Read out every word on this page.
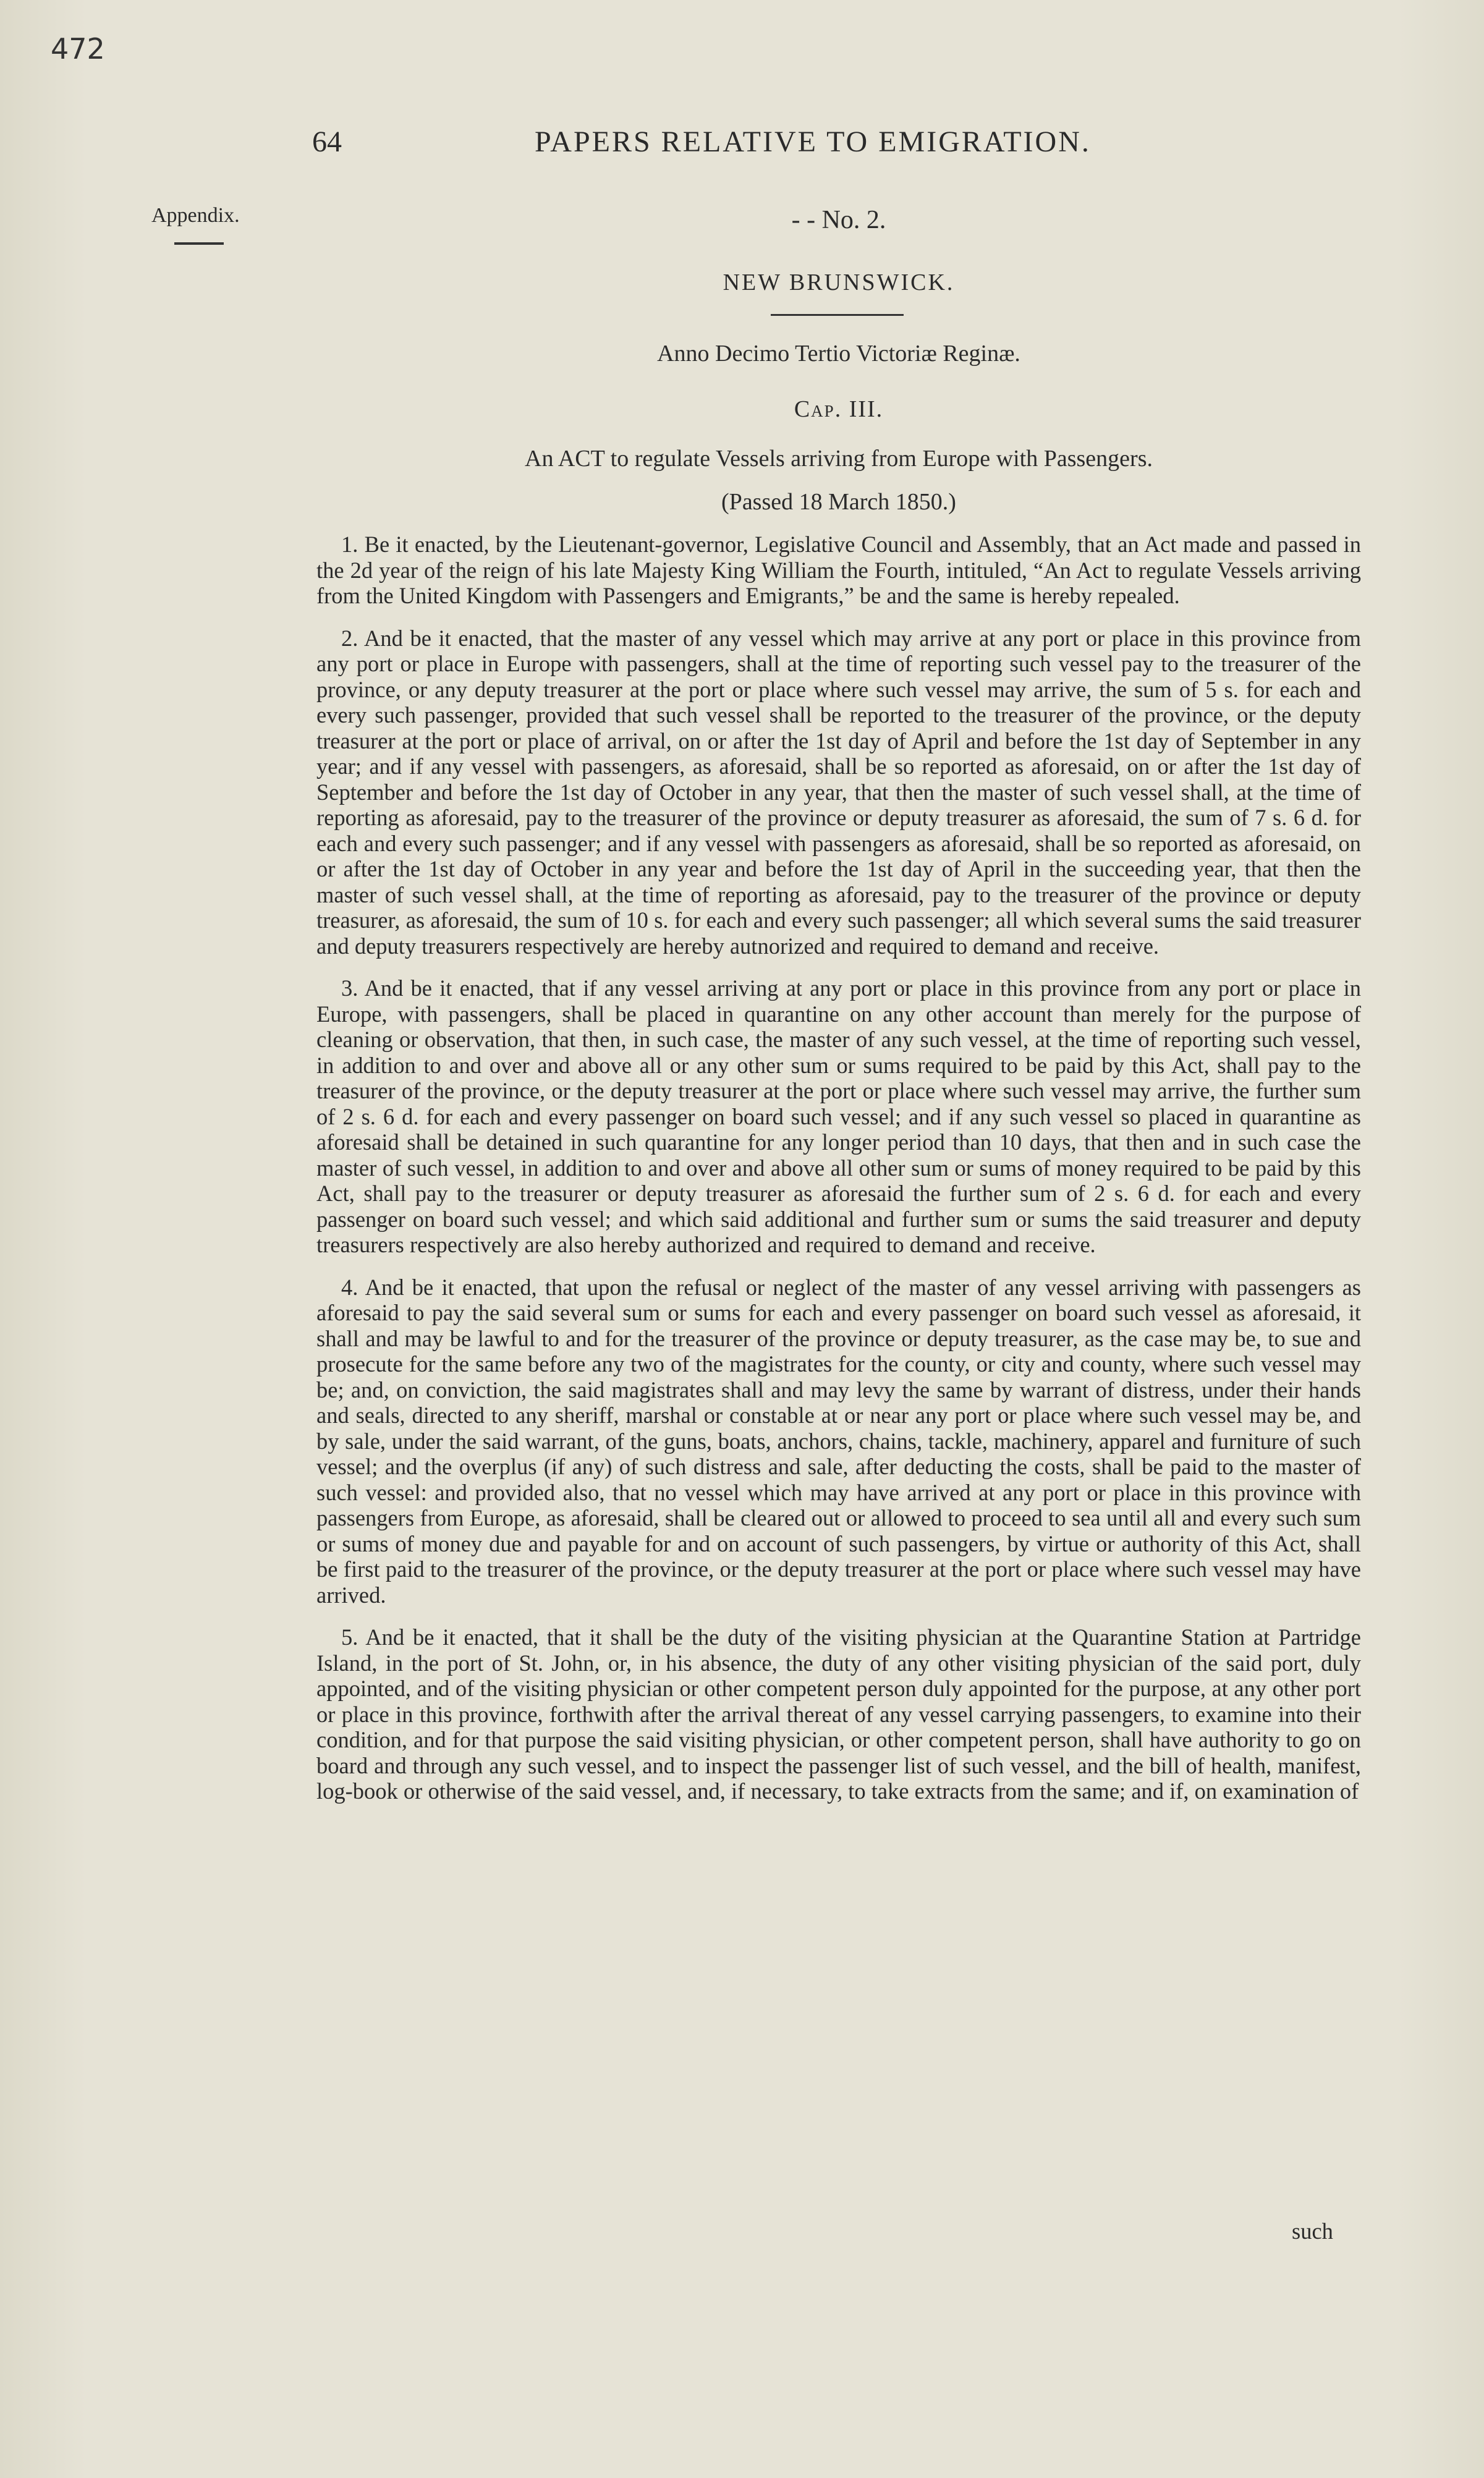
472
64	PAPERS RELATIVE TO EMIGRATION.
Appendix.	- - No. 2.
NEW BRUNSWICK.
Anno Decimo Tertio Victoriæ Reginæ.
Cap. III.
An ACT to regulate Vessels arriving from Europe with Passengers.
(Passed 18 March 1850.)

1. Be it enacted, by the Lieutenant-governor, Legislative Council and Assembly, that an Act made and passed in the 2d year of the reign of his late Majesty King William the Fourth, intituled, “An Act to regulate Vessels arriving from the United Kingdom with Passengers and Emigrants,” be and the same is hereby repealed.

2. And be it enacted, that the master of any vessel which may arrive at any port or place in this province from any port or place in Europe with passengers, shall at the time of reporting such vessel pay to the treasurer of the province, or any deputy treasurer at the port or place where such vessel may arrive, the sum of 5 s. for each and every such passenger, provided that such vessel shall be reported to the treasurer of the province, or the deputy treasurer at the port or place of arrival, on or after the 1st day of April and before the 1st day of September in any year; and if any vessel with passengers, as aforesaid, shall be so reported as aforesaid, on or after the 1st day of September and before the 1st day of October in any year, that then the master of such vessel shall, at the time of reporting as aforesaid, pay to the treasurer of the province or deputy treasurer as aforesaid, the sum of 7 s. 6 d. for each and every such passenger; and if any vessel with passengers as aforesaid, shall be so reported as aforesaid, on or after the 1st day of October in any year and before the 1st day of April in the succeeding year, that then the master of such vessel shall, at the time of reporting as aforesaid, pay to the treasurer of the province or deputy treasurer, as aforesaid, the sum of 10 s. for each and every such passenger; all which several sums the said treasurer and deputy treasurers respectively are hereby autnorized and required to demand and receive.

3. And be it enacted, that if any vessel arriving at any port or place in this province from any port or place in Europe, with passengers, shall be placed in quarantine on any other account than merely for the purpose of cleaning or observation, that then, in such case, the master of any such vessel, at the time of reporting such vessel, in addition to and over and above all or any other sum or sums required to be paid by this Act, shall pay to the treasurer of the province, or the deputy treasurer at the port or place where such vessel may arrive, the further sum of 2 s. 6 d. for each and every passenger on board such vessel; and if any such vessel so placed in quarantine as aforesaid shall be detained in such quarantine for any longer period than 10 days, that then and in such case the master of such vessel, in addition to and over and above all other sum or sums of money required to be paid by this Act, shall pay to the treasurer or deputy treasurer as aforesaid the further sum of 2 s. 6 d. for each and every passenger on board such vessel; and which said additional and further sum or sums the said treasurer and deputy treasurers respectively are also hereby authorized and required to demand and receive.

4. And be it enacted, that upon the refusal or neglect of the master of any vessel arriving with passengers as aforesaid to pay the said several sum or sums for each and every passenger on board such vessel as aforesaid, it shall and may be lawful to and for the treasurer of the province or deputy treasurer, as the case may be, to sue and prosecute for the same before any two of the magistrates for the county, or city and county, where such vessel may be; and, on conviction, the said magistrates shall and may levy the same by warrant of distress, under their hands and seals, directed to any sheriff, marshal or constable at or near any port or place where such vessel may be, and by sale, under the said warrant, of the guns, boats, anchors, chains, tackle, machinery, apparel and furniture of such vessel; and the overplus (if any) of such distress and sale, after deducting the costs, shall be paid to the master of such vessel: and provided also, that no vessel which may have arrived at any port or place in this province with passengers from Europe, as aforesaid, shall be cleared out or allowed to proceed to sea until all and every such sum or sums of money due and payable for and on account of such passengers, by virtue or authority of this Act, shall be first paid to the treasurer of the province, or the deputy treasurer at the port or place where such vessel may have arrived.

5. And be it enacted, that it shall be the duty of the visiting physician at the Quarantine Station at Partridge Island, in the port of St. John, or, in his absence, the duty of any other visiting physician of the said port, duly appointed, and of the visiting physician or other competent person duly appointed for the purpose, at any other port or place in this province, forthwith after the arrival thereat of any vessel carrying passengers, to examine into their condition, and for that purpose the said visiting physician, or other competent person, shall have authority to go on board and through any such vessel, and to inspect the passenger list of such vessel, and the bill of health, manifest, log-book or otherwise of the said vessel, and, if necessary, to take extracts from the same; and if, on examination of

such
